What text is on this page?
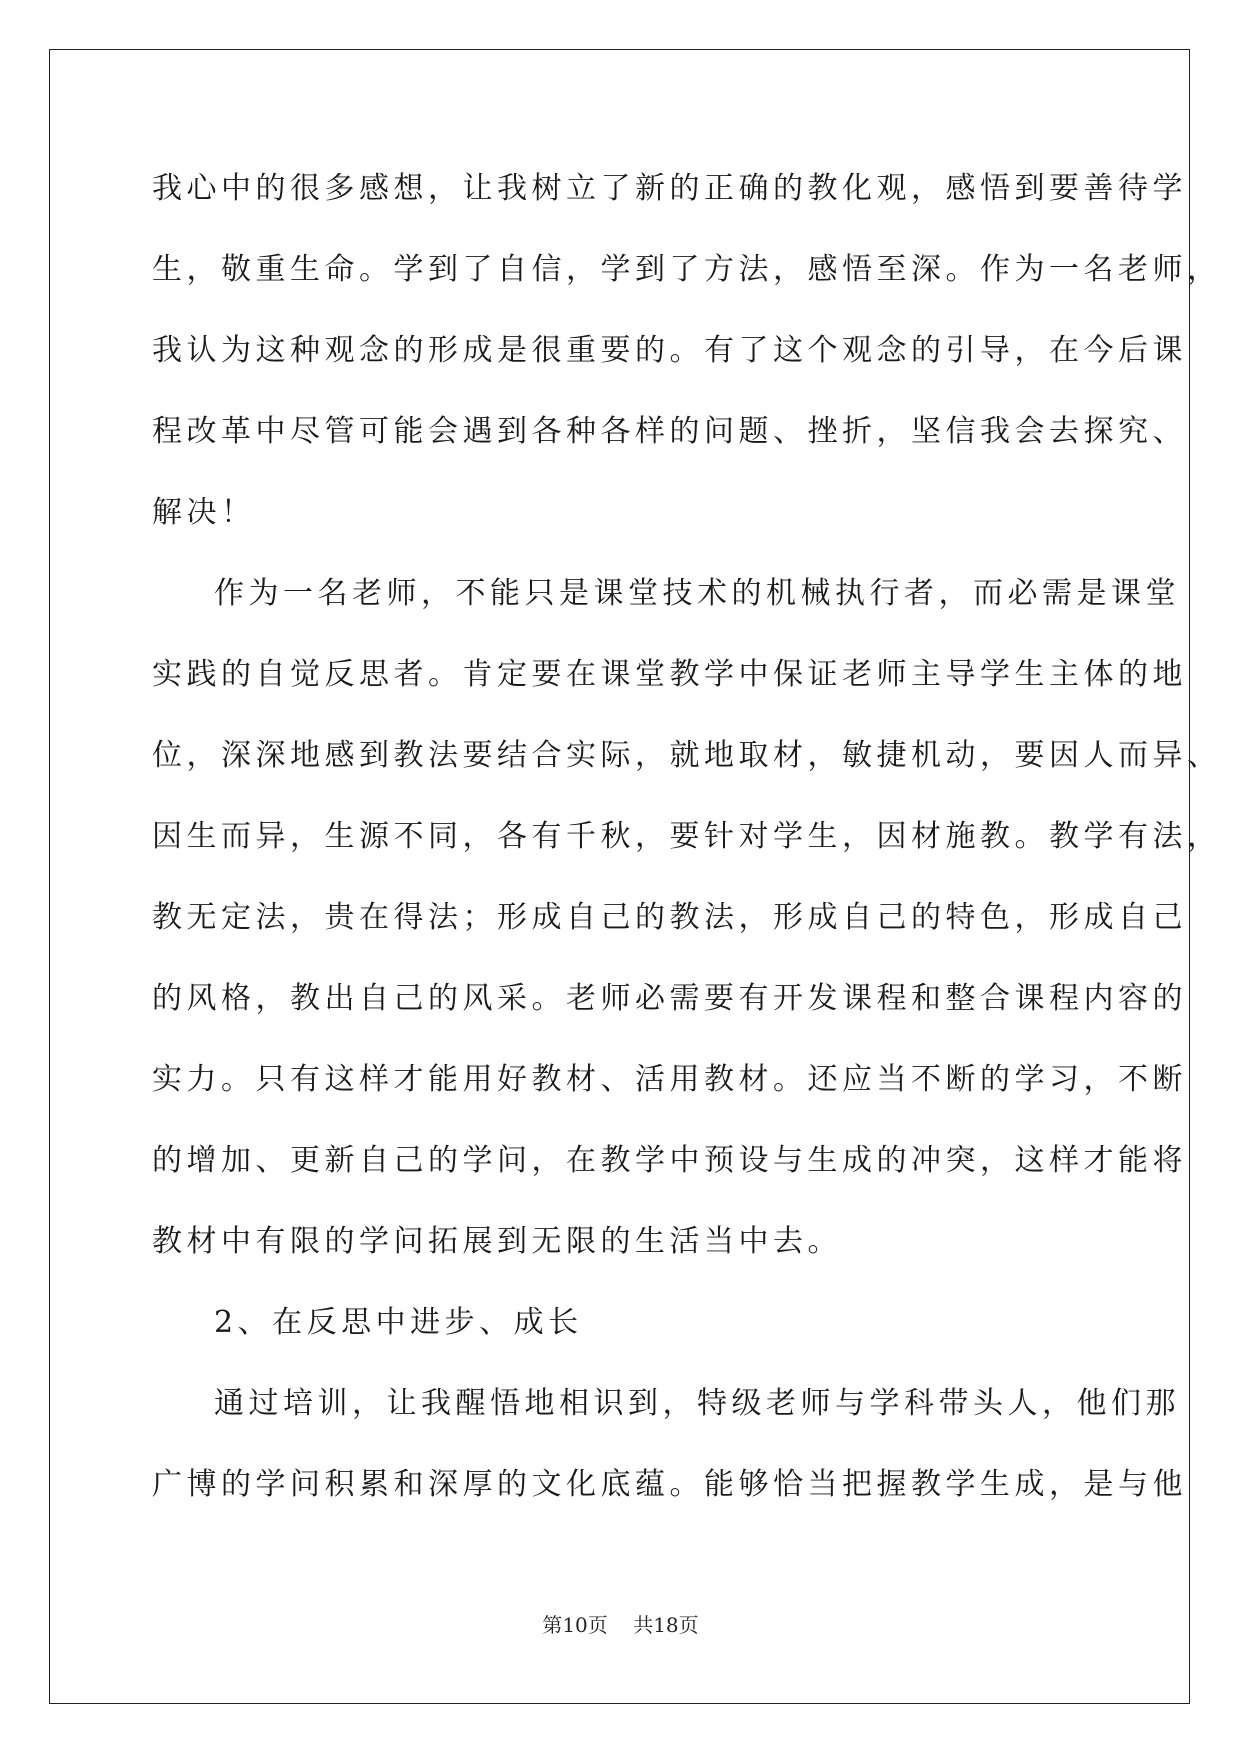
我心中的很多感想，让我树立了新的正确的教化观，感悟到要善待学
生，敬重生命。学到了自信，学到了方法，感悟至深。作为一名老师，
我认为这种观念的形成是很重要的。有了这个观念的引导，在今后课
程改革中尽管可能会遇到各种各样的问题、挫折，坚信我会去探究、
解决！
作为一名老师，不能只是课堂技术的机械执行者，而必需是课堂
实践的自觉反思者。肯定要在课堂教学中保证老师主导学生主体的地
位，深深地感到教法要结合实际，就地取材，敏捷机动，要因人而异、
因生而异，生源不同，各有千秋，要针对学生，因材施教。教学有法，
教无定法，贵在得法；形成自己的教法，形成自己的特色，形成自己
的风格，教出自己的风采。老师必需要有开发课程和整合课程内容的
实力。只有这样才能用好教材、活用教材。还应当不断的学习，不断
的增加、更新自己的学问，在教学中预设与生成的冲突，这样才能将
教材中有限的学问拓展到无限的生活当中去。
2、在反思中进步、成长
通过培训，让我醒悟地相识到，特级老师与学科带头人，他们那
广博的学问积累和深厚的文化底蕴。能够恰当把握教学生成，是与他
第10页    共18页
